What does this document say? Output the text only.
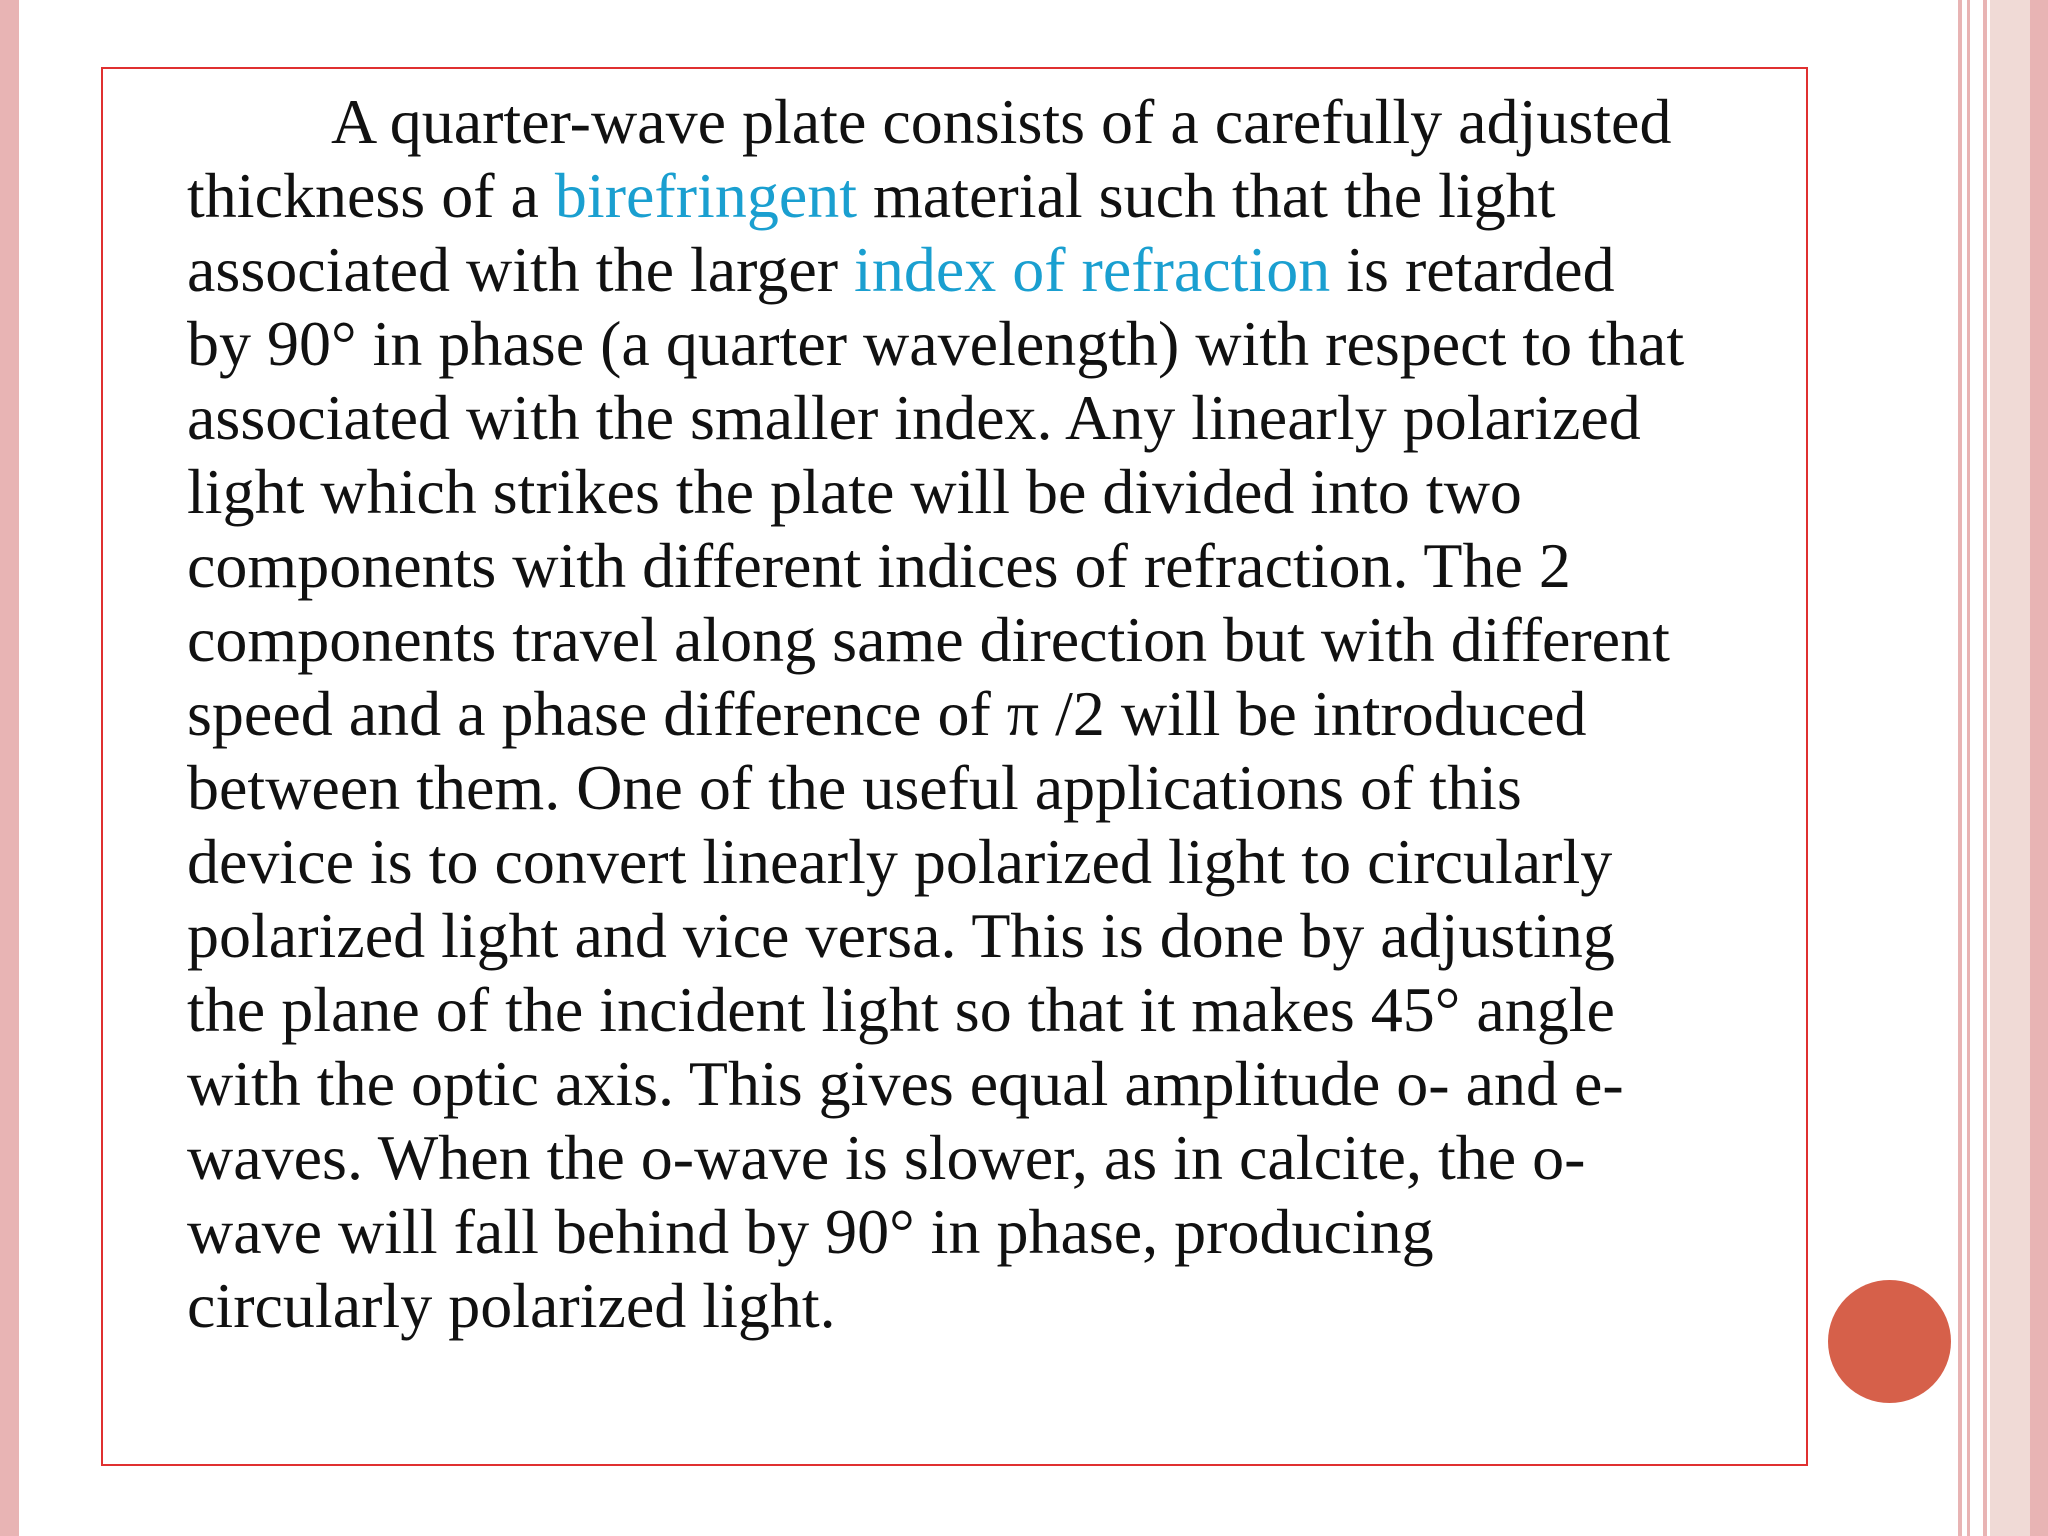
A quarter-wave plate consists of a carefully adjusted
thickness of a birefringent material such that the light
associated with the larger index of refraction is retarded
by 90° in phase (a quarter wavelength) with respect to that
associated with the smaller index. Any linearly polarized
light which strikes the plate will be divided into two
components with different indices of refraction. The 2
components travel along same direction but with different
speed and a phase difference of π /2 will be introduced
between them. One of the useful applications of this
device is to convert linearly polarized light to circularly
polarized light and vice versa. This is done by adjusting
the plane of the incident light so that it makes 45° angle
with the optic axis. This gives equal amplitude o- and e-
waves. When the o-wave is slower, as in calcite, the o-
wave will fall behind by 90° in phase, producing
circularly polarized light.
